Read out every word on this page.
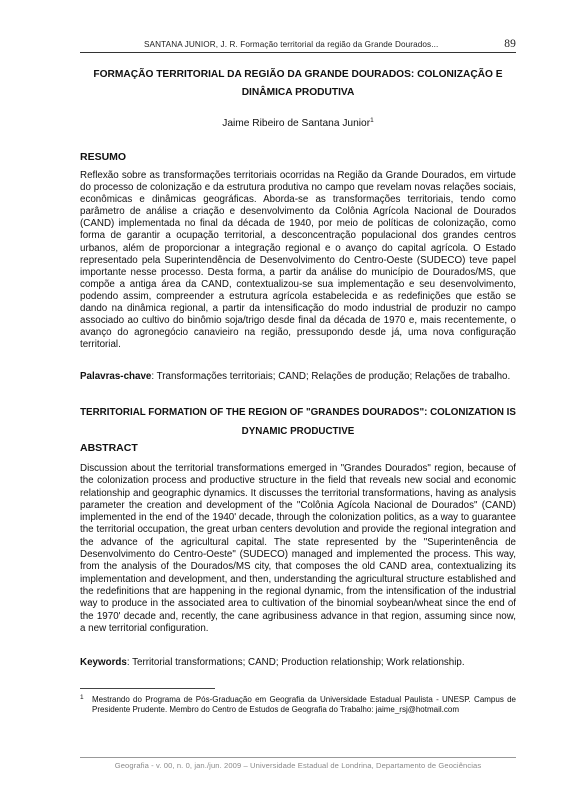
SANTANA JUNIOR, J. R. Formação territorial da região da Grande Dourados...	89
FORMAÇÃO TERRITORIAL DA REGIÃO DA GRANDE DOURADOS: COLONIZAÇÃO E DINÂMICA PRODUTIVA
Jaime Ribeiro de Santana Junior$^1$
RESUMO

Reflexão sobre as transformações territoriais ocorridas na Região da Grande Dourados, em virtude do processo de colonização e da estrutura produtiva no campo que revelam novas relações sociais, econômicas e dinâmicas geográficas. Aborda-se as transformações territoriais, tendo como parâmetro de análise a criação e desenvolvimento da Colônia Agrícola Nacional de Dourados (CAND) implementada no final da década de 1940, por meio de políticas de colonização, como forma de garantir a ocupação territorial, a desconcentração populacional dos grandes centros urbanos, além de proporcionar a integração regional e o avanço do capital agrícola. O Estado representado pela Superintendência de Desenvolvimento do Centro-Oeste (SUDECO) teve papel importante nesse processo. Desta forma, a partir da análise do município de Dourados/MS, que compõe a antiga área da CAND, contextualizou-se sua implementação e seu desenvolvimento, podendo assim, compreender a estrutura agrícola estabelecida e as redefinições que estão se dando na dinâmica regional, a partir da intensificação do modo industrial de produzir no campo associado ao cultivo do binômio soja/trigo desde final da década de 1970 e, mais recentemente, o avanço do agronegócio canavieiro na região, pressupondo desde já, uma nova configuração territorial.

Palavras-chave: Transformações territoriais; CAND; Relações de produção; Relações de trabalho.

TERRITORIAL FORMATION OF THE REGION OF "GRANDES DOURADOS": COLONIZATION IS DYNAMIC PRODUCTIVE
ABSTRACT

Discussion about the territorial transformations emerged in "Grandes Dourados" region, because of the colonization process and productive structure in the field that reveals new social and economic relationship and geographic dynamics. It discusses the territorial transformations, having as analysis parameter the creation and development of the "Colônia Agícola Nacional de Dourados" (CAND) implemented in the end of the 1940' decade, through the colonization politics, as a way to guarantee the territorial occupation, the great urban centers devolution and provide the regional integration and the advance of the agricultural capital. The state represented by the "Superintenência de Desenvolvimento do Centro-Oeste" (SUDECO) managed and implemented the process. This way, from the analysis of the Dourados/MS city, that composes the old CAND area, contextualizing its implementation and development, and then, understanding the agricultural structure established and the redefinitions that are happening in the regional dynamic, from the intensification of the industrial way to produce in the associated area to cultivation of the binomial soybean/wheat since the end of the 1970' decade and, recently, the cane agribusiness advance in that region, assuming since now, a new territorial configuration.

Keywords: Territorial transformations; CAND; Production relationship; Work relationship.

1 Mestrando do Programa de Pós-Graduação em Geografia da Universidade Estadual Paulista - UNESP. Campus de Presidente Prudente. Membro do Centro de Estudos de Geografia do Trabalho: jaime_rsj@hotmail.com
Geografia - v. 00, n. 0, jan./jun. 2009 – Universidade Estadual de Londrina, Departamento de Geociências
